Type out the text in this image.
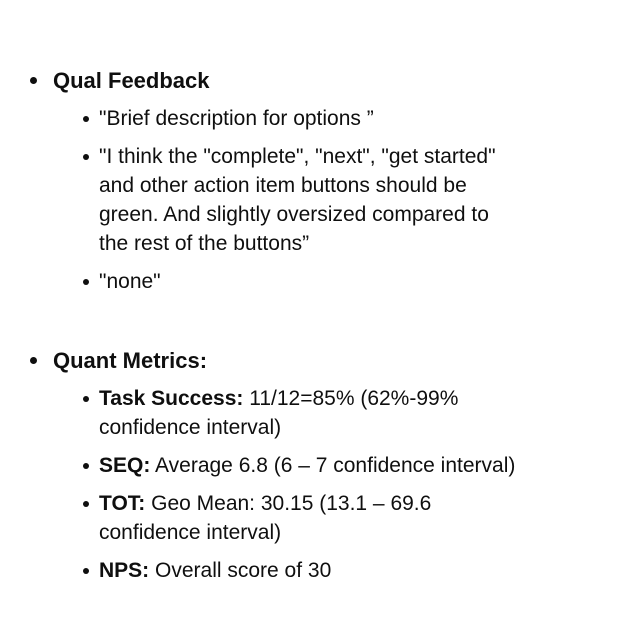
Qual Feedback
"Brief description for options ”
"I think the "complete", "next", "get started"
and other action item buttons should be
green. And slightly oversized compared to
the rest of the buttons”
"none"
Quant Metrics:
Task Success: 11/12=85% (62%-99%
confidence interval)
SEQ: Average 6.8 (6 – 7 confidence interval)
TOT: Geo Mean: 30.15 (13.1 – 69.6
confidence interval)
NPS: Overall score of 30
